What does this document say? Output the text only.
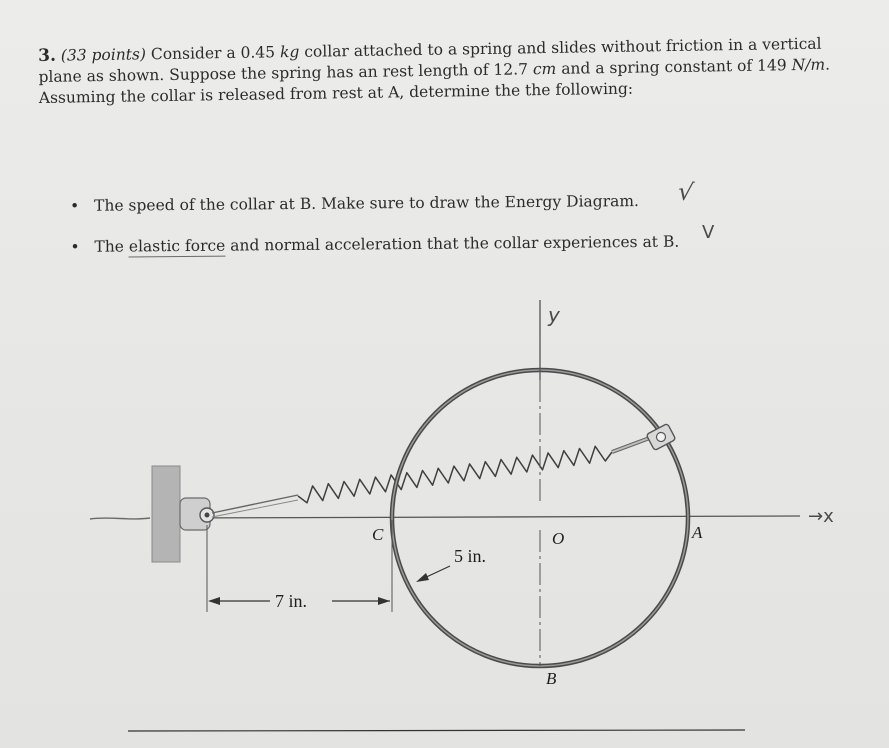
3. (33 points) Consider a 0.45 kg collar attached to a spring and slides without friction in a vertical plane as shown. Suppose the spring has an rest length of 12.7 cm and a spring constant of 149 N/m. Assuming the collar is released from rest at A, determine the the following:
• The speed of the collar at B. Make sure to draw the Energy Diagram.
• The elastic force and normal acceleration that the collar experiences at B.
√
V
C	O	A
B
5 in.
7 in.
y
→x
